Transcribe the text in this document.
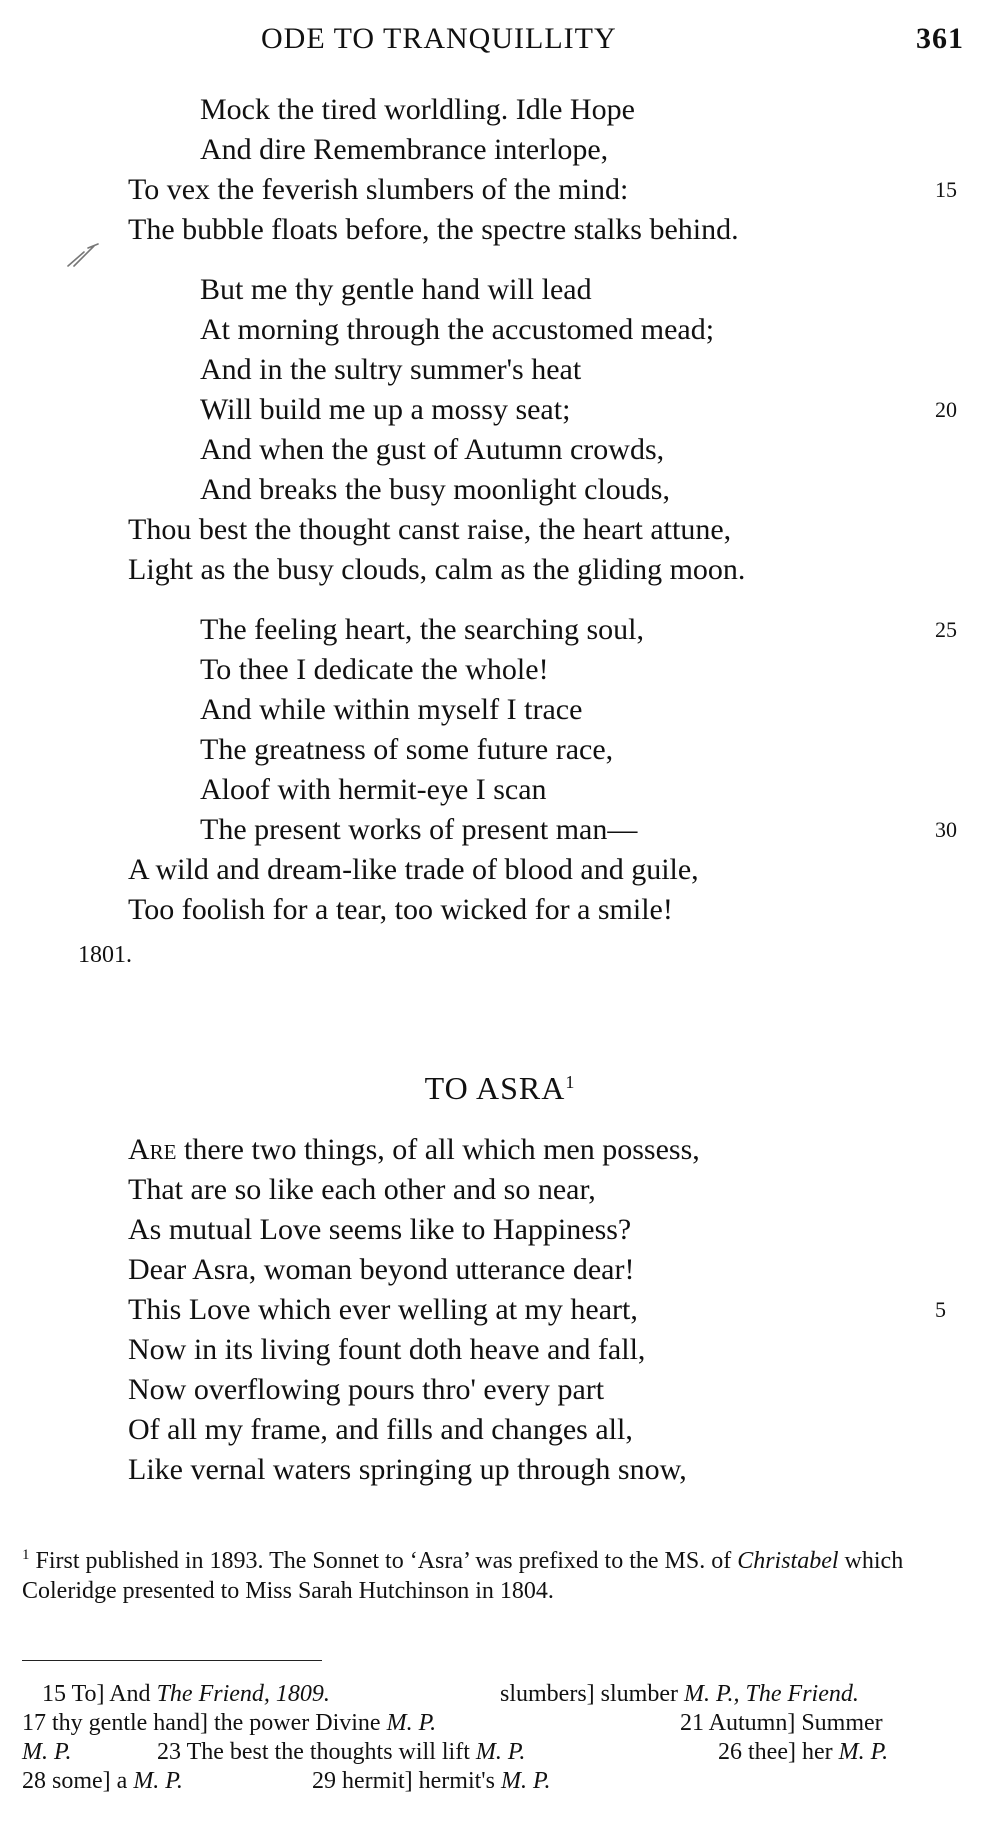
ODE TO TRANQUILLITY	361
Mock the tired worldling. Idle Hope
And dire Remembrance interlope,
To vex the feverish slumbers of the mind:	15
The bubble floats before, the spectre stalks behind.
But me thy gentle hand will lead
At morning through the accustomed mead;
And in the sultry summer's heat
Will build me up a mossy seat;	20
And when the gust of Autumn crowds,
And breaks the busy moonlight clouds,
Thou best the thought canst raise, the heart attune,
Light as the busy clouds, calm as the gliding moon.
The feeling heart, the searching soul,	25
To thee I dedicate the whole!
And while within myself I trace
The greatness of some future race,
Aloof with hermit-eye I scan
The present works of present man—	30
A wild and dream-like trade of blood and guile,
Too foolish for a tear, too wicked for a smile!
1801.
TO ASRA$^1$
Are there two things, of all which men possess,
That are so like each other and so near,
As mutual Love seems like to Happiness?
Dear Asra, woman beyond utterance dear!
This Love which ever welling at my heart,	5
Now in its living fount doth heave and fall,
Now overflowing pours thro' every part
Of all my frame, and fills and changes all,
Like vernal waters springing up through snow,
$^1$ First published in 1893. The Sonnet to ‘Asra’ was prefixed to the MS. of Christabel which Coleridge presented to Miss Sarah Hutchinson in 1804.
15 To] And The Friend, 1809.	slumbers] slumber M. P., The Friend.
17 thy gentle hand] the power Divine M. P.	21 Autumn] Summer
M. P.	23 The best the thoughts will lift M. P.	26 thee] her M. P.
28 some] a M. P.	29 hermit] hermit's M. P.
